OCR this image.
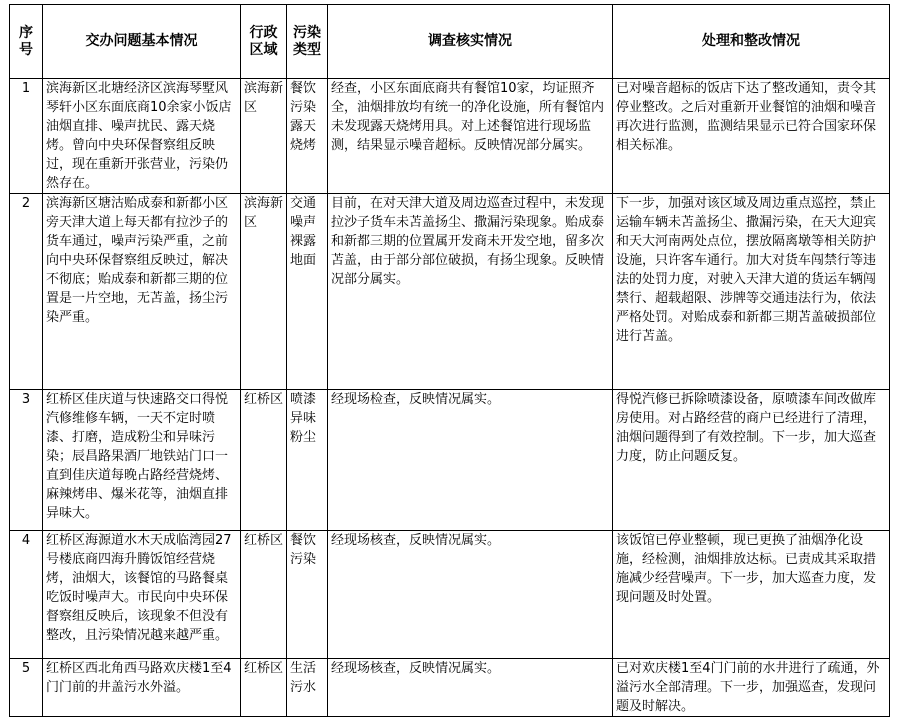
序号	交办问题基本情况	行政区域	污染类型	调查核实情况	处理和整改情况
1	滨海新区北塘经济区滨海琴墅风琴轩小区东面底商10余家小饭店油烟直排、噪声扰民、露天烧烤。曾向中央环保督察组反映过，现在重新开张营业，污染仍然存在。	滨海新区	餐饮污染露天烧烤	经查，小区东面底商共有餐馆10家，均证照齐全，油烟排放均有统一的净化设施，所有餐馆内未发现露天烧烤用具。对上述餐馆进行现场监测，结果显示噪音超标。反映情况部分属实。	已对噪音超标的饭店下达了整改通知，责令其停业整改。之后对重新开业餐馆的油烟和噪音再次进行监测，监测结果显示已符合国家环保相关标准。
2	滨海新区塘沽贻成泰和新都小区旁天津大道上每天都有拉沙子的货车通过，噪声污染严重，之前向中央环保督察组反映过，解决不彻底；贻成泰和新都三期的位置是一片空地，无苫盖，扬尘污染严重。	滨海新区	交通噪声裸露地面	目前，在对天津大道及周边巡查过程中，未发现拉沙子货车未苫盖扬尘、撒漏污染现象。贻成泰和新都三期的位置属开发商未开发空地，留多次苫盖，由于部分部位破损，有扬尘现象。反映情况部分属实。	下一步，加强对该区域及周边重点巡控，禁止运输车辆未苫盖扬尘、撒漏污染，在天大迎宾和天大河南两处点位，摆放隔离墩等相关防护设施，只许客车通行。加大对货车闯禁行等违法的处罚力度，对驶入天津大道的货运车辆闯禁行、超载超限、涉牌等交通违法行为，依法严格处罚。对贻成泰和新都三期苫盖破损部位进行苫盖。
3	红桥区佳庆道与快速路交口得悦汽修维修车辆，一天不定时喷漆、打磨，造成粉尘和异味污染；辰昌路果酒厂地铁站门口一直到佳庆道每晚占路经营烧烤、麻辣烤串、爆米花等，油烟直排异味大。	红桥区	喷漆异味粉尘	经现场检查，反映情况属实。	得悦汽修已拆除喷漆设备，原喷漆车间改做库房使用。对占路经营的商户已经进行了清理，油烟问题得到了有效控制。下一步，加大巡查力度，防止问题反复。
4	红桥区海源道水木天成临湾园27号楼底商四海升腾饭馆经营烧烤，油烟大，该餐馆的马路餐桌吃饭时噪声大。市民向中央环保督察组反映后，该现象不但没有整改，且污染情况越来越严重。	红桥区	餐饮污染	经现场核查，反映情况属实。	该饭馆已停业整顿，现已更换了油烟净化设施，经检测，油烟排放达标。已责成其采取措施减少经营噪声。下一步，加大巡查力度，发现问题及时处置。
5	红桥区西北角西马路欢庆楼1至4门门前的井盖污水外溢。	红桥区	生活污水	经现场核查，反映情况属实。	已对欢庆楼1至4门门前的水井进行了疏通，外溢污水全部清理。下一步，加强巡查，发现问题及时解决。
